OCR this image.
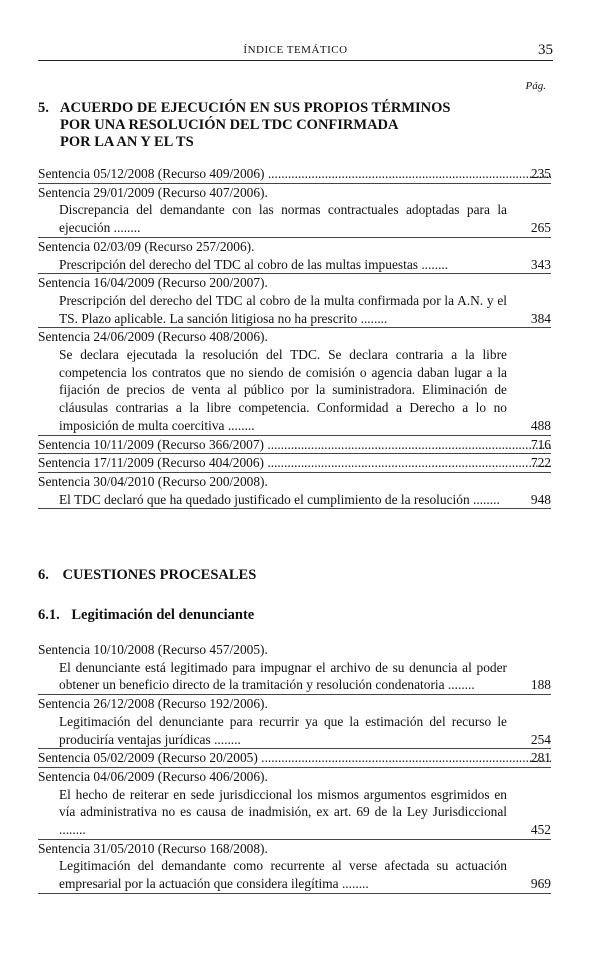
ÍNDICE TEMÁTICO	35
Pág.
5. ACUERDO DE EJECUCIÓN EN SUS PROPIOS TÉRMINOS
POR UNA RESOLUCIÓN DEL TDC CONFIRMADA
POR LA AN Y EL TS
Sentencia 05/12/2008 (Recurso 409/2006) .....	235
Sentencia 29/01/2009 (Recurso 407/2006).
Discrepancia del demandante con las normas contractuales adoptadas para la ejecución ........	265
Sentencia 02/03/09 (Recurso 257/2006).
Prescripción del derecho del TDC al cobro de las multas impuestas ........	343
Sentencia 16/04/2009 (Recurso 200/2007).
Prescripción del derecho del TDC al cobro de la multa confirmada por la A.N. y el TS. Plazo aplicable. La sanción litigiosa no ha prescrito ........	384
Sentencia 24/06/2009 (Recurso 408/2006).
Se declara ejecutada la resolución del TDC. Se declara contraria a la libre competencia los contratos que no siendo de comisión o agencia daban lugar a la fijación de precios de venta al público por la suministradora. Eliminación de cláusulas contrarias a la libre competencia. Conformidad a Derecho a lo no imposición de multa coercitiva ........	488
Sentencia 10/11/2009 (Recurso 366/2007) .....	716
Sentencia 17/11/2009 (Recurso 404/2006) .....	722
Sentencia 30/04/2010 (Recurso 200/2008).
El TDC declaró que ha quedado justificado el cumplimiento de la resolución ........	948
6. CUESTIONES PROCESALES
6.1. Legitimación del denunciante
Sentencia 10/10/2008 (Recurso 457/2005).
El denunciante está legitimado para impugnar el archivo de su denuncia al poder obtener un beneficio directo de la tramitación y resolución condenatoria ........	188
Sentencia 26/12/2008 (Recurso 192/2006).
Legitimación del denunciante para recurrir ya que la estimación del recurso le produciría ventajas jurídicas ........	254
Sentencia 05/02/2009 (Recurso 20/2005) .....	281
Sentencia 04/06/2009 (Recurso 406/2006).
El hecho de reiterar en sede jurisdiccional los mismos argumentos esgrimidos en vía administrativa no es causa de inadmisión, ex art. 69 de la Ley Jurisdiccional ........	452
Sentencia 31/05/2010 (Recurso 168/2008).
Legitimación del demandante como recurrente al verse afectada su actuación empresarial por la actuación que considera ilegítima ........	969
